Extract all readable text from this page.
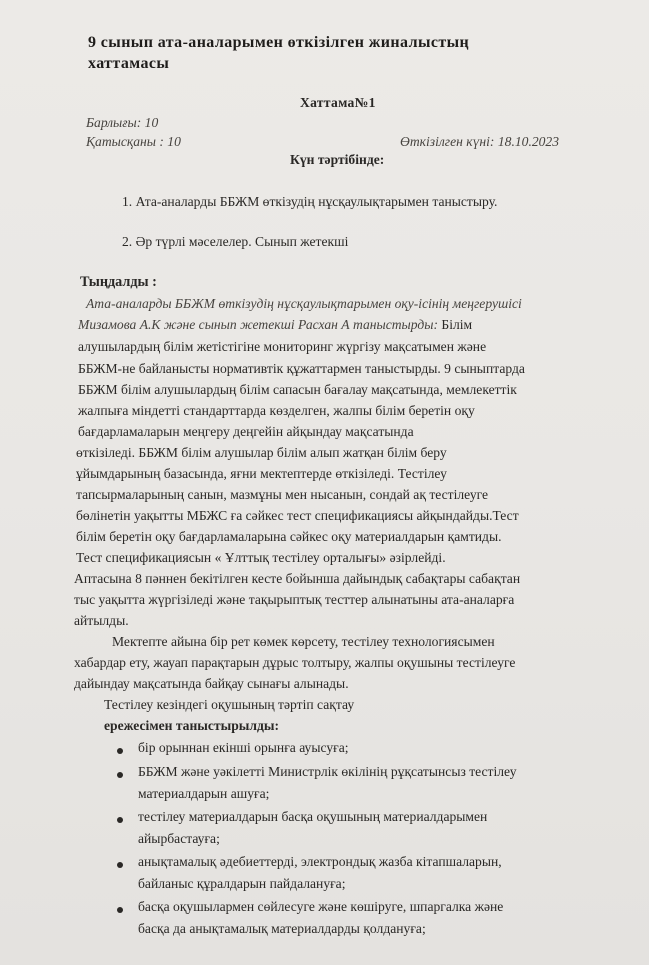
9 сынып ата-аналарымен өткізілген жиналыстың
хаттамасы
Хаттама№1
Барлығы: 10
Қатысқаны : 10	Өткізілген күні: 18.10.2023
Күн тәртібінде:
1. Ата-аналарды ББЖМ өткізудің нұсқаулықтарымен таныстыру.
2. Әр түрлі мәселелер. Сынып жетекші
Тыңдалды :
Ата-аналарды ББЖМ өткізудің нұсқаулықтарымен оқу-ісінің меңгерушісі
Мизамова А.К және сынып жетекші Расхан А таныстырды: Білім
алушылардың білім жетістігіне мониторинг жүргізу мақсатымен және
ББЖМ-не байланысты нормативтік құжаттармен таныстырды. 9 сыныптарда
ББЖМ білім алушылардың білім сапасын бағалау мақсатында, мемлекеттік
жалпыға міндетті стандарттарда көзделген, жалпы білім беретін оқу
бағдарламаларын меңгеру деңгейін айқындау мақсатында
өткізіледі. ББЖМ білім алушылар білім алып жатқан білім беру
ұйымдарының базасында, яғни мектептерде өткізіледі. Тестілеу
тапсырмаларының санын, мазмұны мен нысанын, сондай ақ тестілеуге
бөлінетін уақытты МБЖС ға сәйкес тест спецификациясы айқындайды.Тест
білім беретін оқу бағдарламаларына сәйкес оқу материалдарын қамтиды.
Тест спецификациясын « Ұлттық тестілеу орталығы» әзірлейді.
Аптасына 8 пәннен бекітілген кесте бойынша дайындық сабақтары сабақтан
тыс уақытта жүргізіледі және тақырыптық тесттер алынатыны ата-аналарға
айтылды.
Мектепте айына бір рет көмек көрсету, тестілеу технологиясымен
хабардар ету, жауап парақтарын дұрыс толтыру, жалпы оқушыны тестілеуге
дайындау мақсатында байқау сынағы алынады.
Тестілеу кезіндегі оқушының тәртіп сақтау
ережесімен таныстырылды:
бір орыннан екінші орынға ауысуға;
ББЖМ және уәкілетті Министрлік өкілінің рұқсатынсыз тестілеу
материалдарын ашуға;
тестілеу материалдарын басқа оқушының материалдарымен
айырбастауға;
анықтамалық әдебиеттерді, электрондық жазба кітапшаларын,
байланыс құралдарын пайдалануға;
басқа оқушылармен сөйлесуге және көшіруге, шпаргалка және
басқа да анықтамалық материалдарды қолдануға;
